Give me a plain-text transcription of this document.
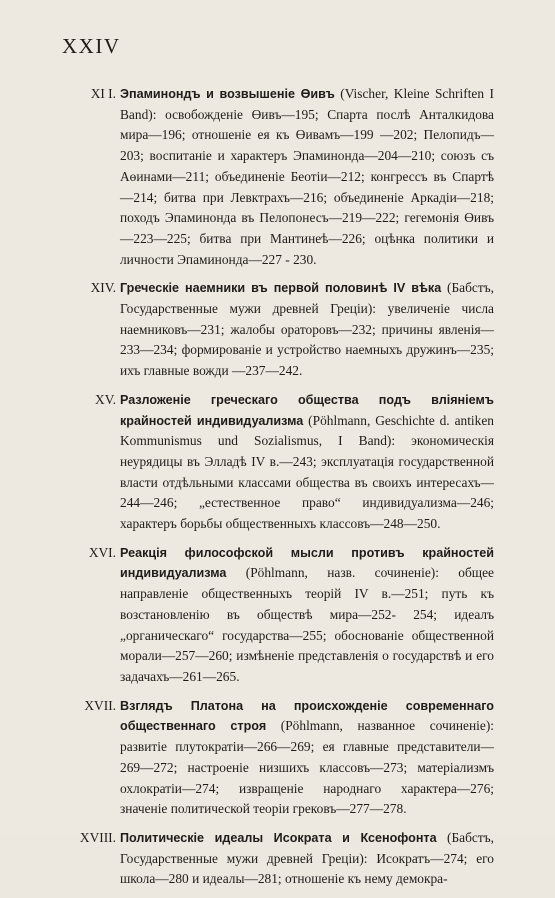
XXIV
XI I. Эпаминондъ и возвышеніе Өивъ (Vischer, Kleine Schriften I Band): освобожденіе Өивъ—195; Спарта послѣ Анталкидова мира—196; отношеніе ея къ Өивамъ—199 —202; Пелопидъ—203; воспитаніе и характеръ Эпаминонда—204—210; союзъ съ Аѳинами—211; объединеніе Беотіи—212; конгрессъ въ Спартѣ—214; битва при Левктрахъ—216; объединеніе Аркадіи—218; походъ Эпаминонда въ Пелопонесъ—219—222; гегемонія Өивъ—223—225; битва при Мантинеѣ—226; оцѣнка политики и личности Эпаминонда—227 - 230.
XIV. Греческіе наемники въ первой половинѣ IV вѣка (Бабстъ, Государственные мужи древней Греціи): увеличеніе числа наемниковъ—231; жалобы ораторовъ—232; причины явленія—233—234; формированіе и устройство наемныхъ дружинъ—235; ихъ главные вожди —237—242.
XV. Разложеніе греческаго общества подъ вліяніемъ крайностей индивидуализма (Pöhlmann, Geschichte d. antiken Kommunismus und Sozialismus, I Band): экономическія неурядицы въ Элладѣ IV в.—243; эксплуатація государственной власти отдѣльными классами общества въ своихъ интересахъ—244—246; „естественное право“ индивидуализма—246; характеръ борьбы общественныхъ классовъ—248—250.
XVI. Реакція философской мысли противъ крайностей индивидуализма (Pöhlmann, назв. сочиненіе): общее направленіе общественныхъ теорій IV в.—251; путь къ возстановленію въ обществѣ мира—252- 254; идеалъ „органическаго“ государства—255; обоснованіе общественной морали—257—260; измѣненіе представленія о государствѣ и его задачахъ—261—265.
XVII. Взглядъ Платона на происхожденіе современнаго общественнаго строя (Pöhlmann, названное сочиненіе): развитіе плутократіи—266—269; ея главные представители—269—272; настроеніе низшихъ классовъ—273; матеріализмъ охлократіи—274; извращеніе народнаго характера—276; значеніе политической теоріи грековъ—277—278.
XVIII. Политическіе идеалы Исократа и Ксенофонта (Бабстъ, Государственные мужи древней Греціи): Исократъ—274; его школа—280 и идеалы—281; отношеніе къ нему демокра-
